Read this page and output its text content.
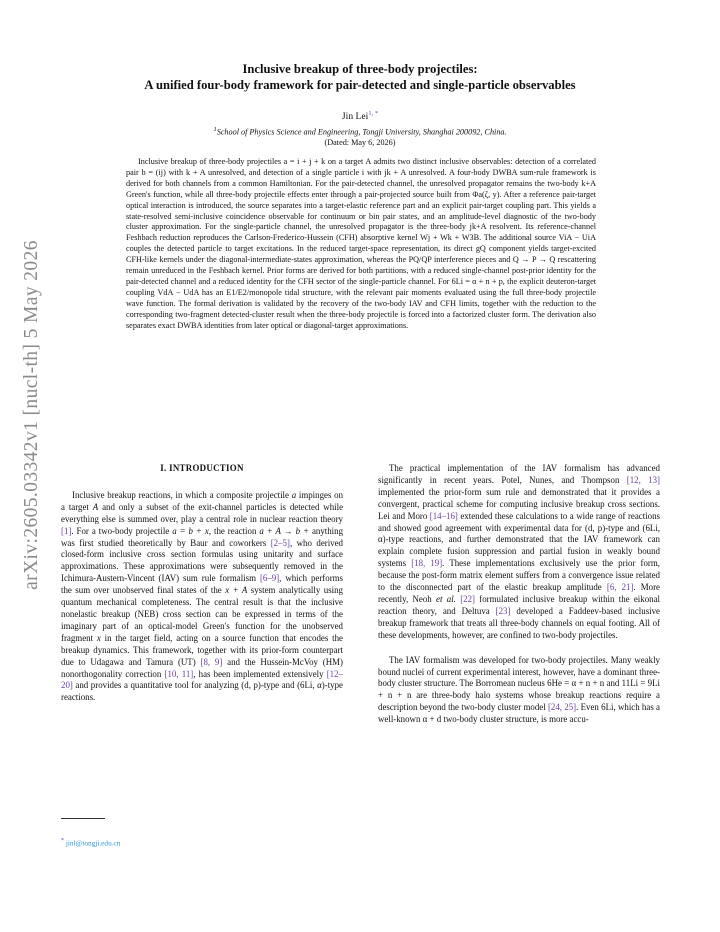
arXiv:2605.03342v1 [nucl-th] 5 May 2026
Inclusive breakup of three-body projectiles:
A unified four-body framework for pair-detected and single-particle observables
Jin Lei$^{1, *}$
$^1$School of Physics Science and Engineering, Tongji University, Shanghai 200092, China.
(Dated: May 6, 2026)

Inclusive breakup of three-body projectiles a = i + j + k on a target A admits two distinct inclusive observables: detection of a correlated pair b = (ij) with k + A unresolved, and detection of a single particle i with jk + A unresolved. A four-body DWBA sum-rule framework is derived for both channels from a common Hamiltonian. For the pair-detected channel, the unresolved propagator remains the two-body k+A Green's function, while all three-body projectile effects enter through a pair-projected source built from Φa(ζ, y). After a reference pair-target optical interaction is introduced, the source separates into a target-elastic reference part and an explicit pair-target coupling part. This yields a state-resolved semi-inclusive coincidence observable for continuum or bin pair states, and an amplitude-level diagnostic of the two-body cluster approximation. For the single-particle channel, the unresolved propagator is the three-body jk+A resolvent. Its reference-channel Feshbach reduction reproduces the Carlson-Frederico-Hussein (CFH) absorptive kernel Wj + Wk + W3B. The additional source ViA − UiA couples the detected particle to target excitations. In the reduced target-space representation, its direct gQ component yields target-excited CFH-like kernels under the diagonal-intermediate-states approximation, whereas the PQ/QP interference pieces and Q → P → Q rescattering remain unreduced in the Feshbach kernel. Prior forms are derived for both partitions, with a reduced single-channel post-prior identity for the pair-detected channel and a reduced identity for the CFH sector of the single-particle channel. For 6Li = α + n + p, the explicit deuteron-target coupling VdA − UdA has an E1/E2/monopole tidal structure, with the relevant pair moments evaluated using the full three-body projectile wave function. The formal derivation is validated by the recovery of the two-body IAV and CFH limits, together with the reduction to the corresponding two-fragment detected-cluster result when the three-body projectile is forced into a factorized cluster form. The derivation also separates exact DWBA identities from later optical or diagonal-target approximations.

I. INTRODUCTION

Inclusive breakup reactions, in which a composite projectile a impinges on a target A and only a subset of the exit-channel particles is detected while everything else is summed over, play a central role in nuclear reaction theory [1]. For a two-body projectile a = b + x, the reaction a + A → b + anything was first studied theoretically by Baur and coworkers [2–5], who derived closed-form inclusive cross section formulas using unitarity and surface approximations. These approximations were subsequently removed in the Ichimura-Austern-Vincent (IAV) sum rule formalism [6–9], which performs the sum over unobserved final states of the x + A system analytically using quantum mechanical completeness. The central result is that the inclusive nonelastic breakup (NEB) cross section can be expressed in terms of the imaginary part of an optical-model Green's function for the unobserved fragment x in the target field, acting on a source function that encodes the breakup dynamics. This framework, together with its prior-form counterpart due to Udagawa and Tamura (UT) [8, 9] and the Hussein-McVoy (HM) nonorthogonality correction [10, 11], has been implemented extensively [12–20] and provides a quantitative tool for analyzing (d, p)-type and (6Li, α)-type reactions.

The practical implementation of the IAV formalism has advanced significantly in recent years. Potel, Nunes, and Thompson [12, 13] implemented the prior-form sum rule and demonstrated that it provides a convergent, practical scheme for computing inclusive breakup cross sections. Lei and Moro [14–16] extended these calculations to a wide range of reactions and showed good agreement with experimental data for (d, p)-type and (6Li, α)-type reactions, and further demonstrated that the IAV framework can explain complete fusion suppression and partial fusion in weakly bound systems [18, 19]. These implementations exclusively use the prior form, because the post-form matrix element suffers from a convergence issue related to the disconnected part of the elastic breakup amplitude [6, 21]. More recently, Neoh et al. [22] formulated inclusive breakup within the eikonal reaction theory, and Deltuva [23] developed a Faddeev-based inclusive breakup framework that treats all three-body channels on equal footing. All of these developments, however, are confined to two-body projectiles.

The IAV formalism was developed for two-body projectiles. Many weakly bound nuclei of current experimental interest, however, have a dominant three-body cluster structure. The Borromean nucleus 6He = α + n + n and 11Li = 9Li + n + n are three-body halo systems whose breakup reactions require a description beyond the two-body cluster model [24, 25]. Even 6Li, which has a well-known α + d two-body cluster structure, is more accu-

* jinl@tongji.edu.cn
